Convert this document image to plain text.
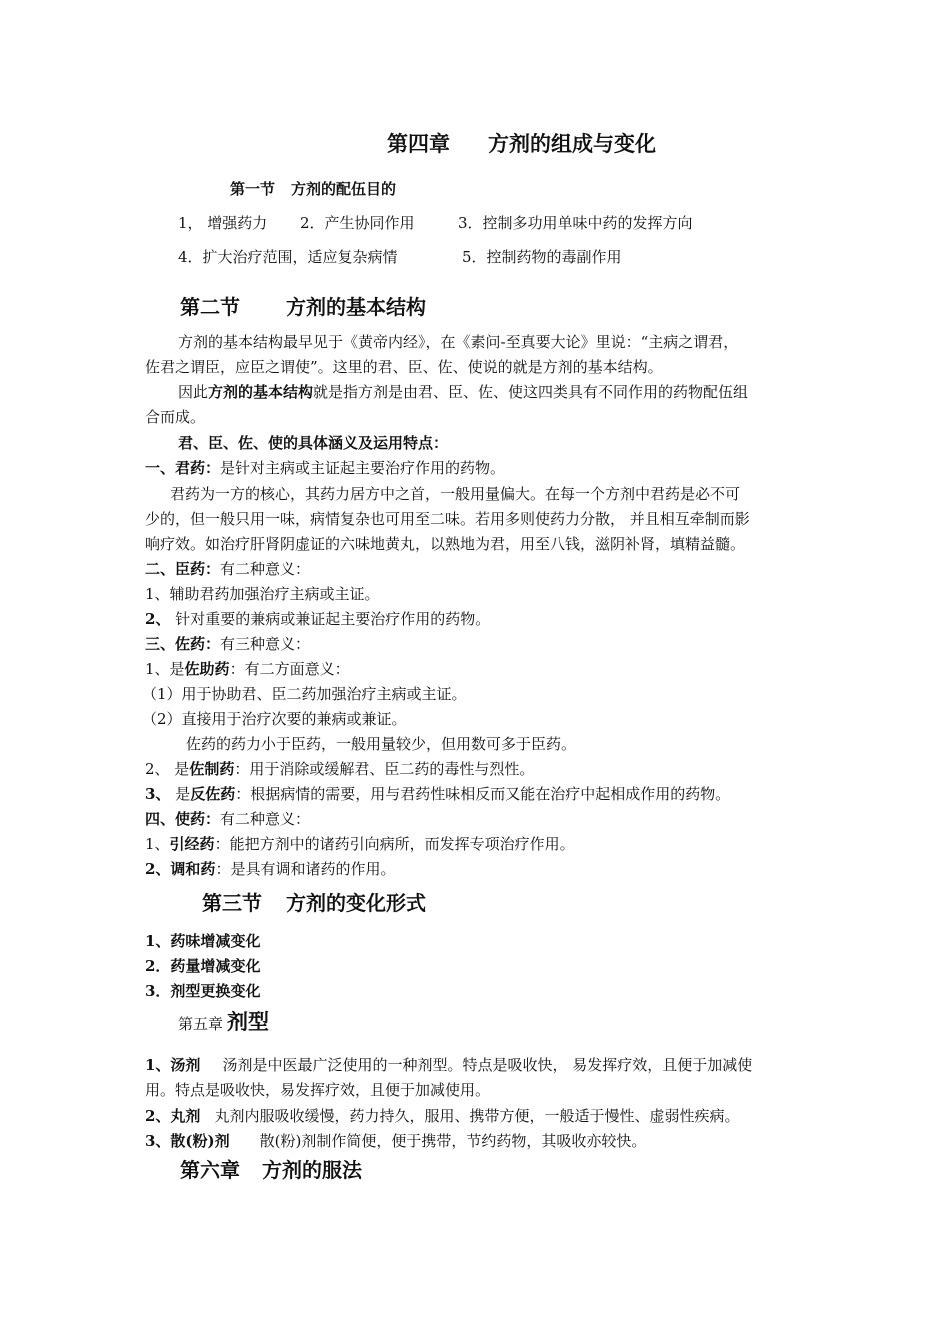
第四章 方剂的组成与变化
第一节 方剂的配伍目的
1， 增强药力 2．产生协同作用	3．控制多功用单味中药的发挥方向
4．扩大治疗范围，适应复杂病情	5．控制药物的毒副作用
第二节 方剂的基本结构
方剂的基本结构最早见于《黄帝内经》，在《素问-至真要大论》里说：“主病之谓君，
佐君之谓臣，应臣之谓使”。这里的君、臣、佐、使说的就是方剂的基本结构。
因此方剂的基本结构就是指方剂是由君、臣、佐、使这四类具有不同作用的药物配伍组
合而成。
君、臣、佐、使的具体涵义及运用特点：
一、君药：是针对主病或主证起主要治疗作用的药物。
君药为一方的核心，其药力居方中之首，一般用量偏大。在每一个方剂中君药是必不可
少的，但一般只用一味，病情复杂也可用至二味。若用多则使药力分散， 并且相互牵制而影
响疗效。如治疗肝肾阴虚证的六味地黄丸，以熟地为君，用至八钱，滋阴补肾，填精益髓。
二、臣药：有二种意义：
1、辅助君药加强治疗主病或主证。
2、 针对重要的兼病或兼证起主要治疗作用的药物。
三、佐药：有三种意义：
1、是佐助药：有二方面意义：
（1）用于协助君、臣二药加强治疗主病或主证。
（2）直接用于治疗次要的兼病或兼证。
佐药的药力小于臣药，一般用量较少，但用数可多于臣药。
2、 是佐制药：用于消除或缓解君、臣二药的毒性与烈性。
3、 是反佐药：根据病情的需要，用与君药性味相反而又能在治疗中起相成作用的药物。
四、使药：有二种意义：
1、引经药：能把方剂中的诸药引向病所，而发挥专项治疗作用。
2、调和药：是具有调和诸药的作用。
第三节 方剂的变化形式
1、药味增减变化
2．药量增减变化
3．剂型更换变化
第五章 剂型
1、汤剂 汤剂是中医最广泛使用的一种剂型。特点是吸收快， 易发挥疗效，且便于加减使
用。特点是吸收快，易发挥疗效，且便于加减使用。
2、丸剂 丸剂内服吸收缓慢，药力持久，服用、携带方便，一般适于慢性、虚弱性疾病。
3、散(粉)剂 散(粉)剂制作简便，便于携带，节约药物，其吸收亦较快。
第六章 方剂的服法
